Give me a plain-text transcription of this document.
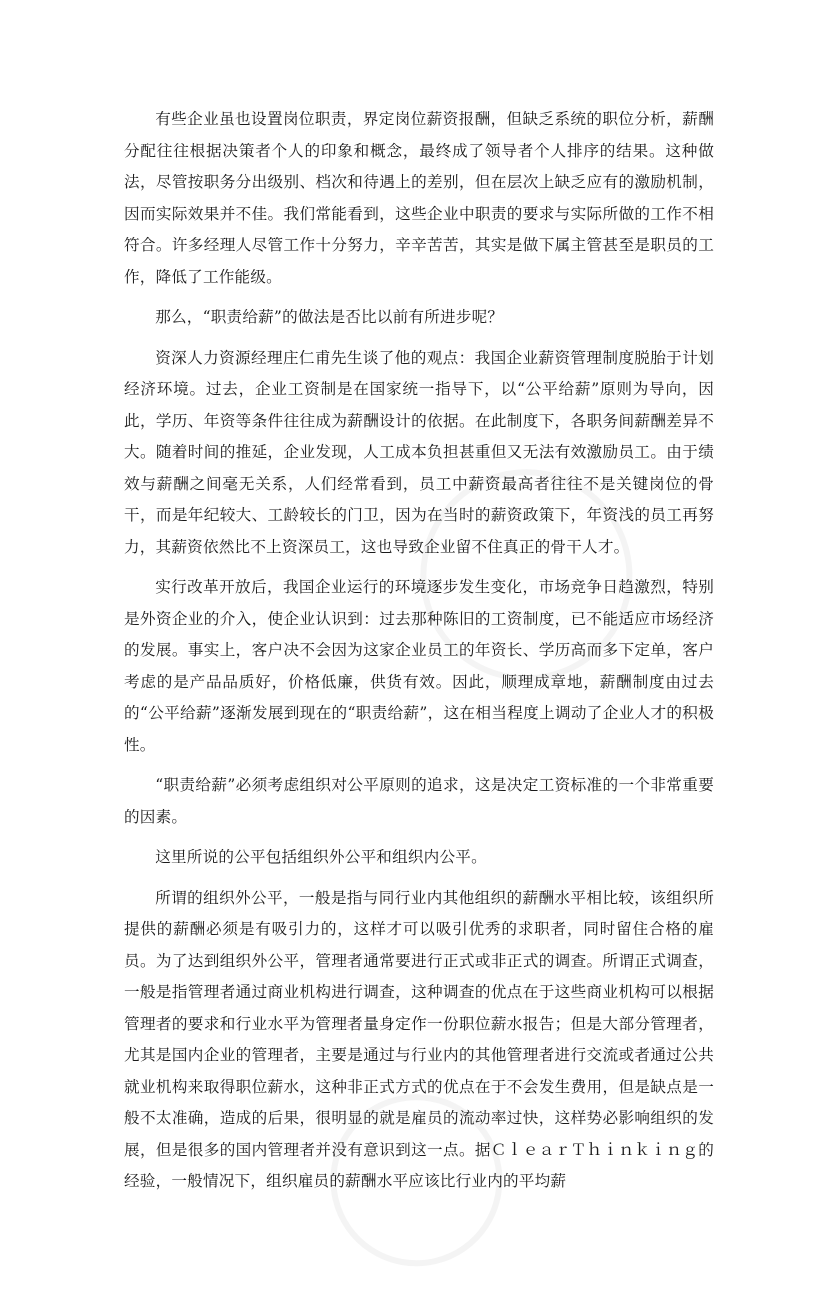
有些企业虽也设置岗位职责，界定岗位薪资报酬，但缺乏系统的职位分析，薪酬分配往往根据决策者个人的印象和概念，最终成了领导者个人排序的结果。这种做法，尽管按职务分出级别、档次和待遇上的差别，但在层次上缺乏应有的激励机制，因而实际效果并不佳。我们常能看到，这些企业中职责的要求与实际所做的工作不相符合。许多经理人尽管工作十分努力，辛辛苦苦，其实是做下属主管甚至是职员的工作，降低了工作能级。

那么，“职责给薪”的做法是否比以前有所进步呢？

资深人力资源经理庄仁甫先生谈了他的观点：我国企业薪资管理制度脱胎于计划经济环境。过去，企业工资制是在国家统一指导下，以“公平给薪”原则为导向，因此，学历、年资等条件往往成为薪酬设计的依据。在此制度下，各职务间薪酬差异不大。随着时间的推延，企业发现，人工成本负担甚重但又无法有效激励员工。由于绩效与薪酬之间毫无关系，人们经常看到，员工中薪资最高者往往不是关键岗位的骨干，而是年纪较大、工龄较长的门卫，因为在当时的薪资政策下，年资浅的员工再努力，其薪资依然比不上资深员工，这也导致企业留不住真正的骨干人才。

实行改革开放后，我国企业运行的环境逐步发生变化，市场竞争日趋激烈，特别是外资企业的介入，使企业认识到：过去那种陈旧的工资制度，已不能适应市场经济的发展。事实上，客户决不会因为这家企业员工的年资长、学历高而多下定单，客户考虑的是产品品质好，价格低廉，供货有效。因此，顺理成章地，薪酬制度由过去的“公平给薪”逐渐发展到现在的“职责给薪”，这在相当程度上调动了企业人才的积极性。

“职责给薪”必须考虑组织对公平原则的追求，这是决定工资标准的一个非常重要的因素。

这里所说的公平包括组织外公平和组织内公平。

所谓的组织外公平，一般是指与同行业内其他组织的薪酬水平相比较，该组织所提供的薪酬必须是有吸引力的，这样才可以吸引优秀的求职者，同时留住合格的雇员。为了达到组织外公平，管理者通常要进行正式或非正式的调查。所谓正式调查，一般是指管理者通过商业机构进行调查，这种调查的优点在于这些商业机构可以根据管理者的要求和行业水平为管理者量身定作一份职位薪水报告；但是大部分管理者，尤其是国内企业的管理者，主要是通过与行业内的其他管理者进行交流或者通过公共就业机构来取得职位薪水，这种非正式方式的优点在于不会发生费用，但是缺点是一般不太准确，造成的后果，很明显的就是雇员的流动率过快，这样势必影响组织的发展，但是很多的国内管理者并没有意识到这一点。据ＣｌｅａｒＴｈｉｎｋｉｎｇ的经验，一般情况下，组织雇员的薪酬水平应该比行业内的平均薪
